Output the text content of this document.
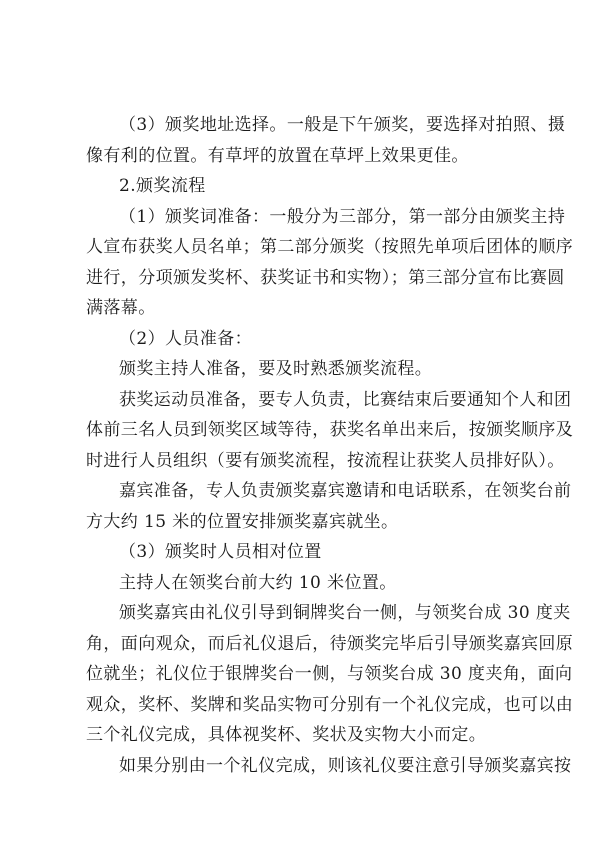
（3）颁奖地址选择。一般是下午颁奖，要选择对拍照、摄
像有利的位置。有草坪的放置在草坪上效果更佳。
2.颁奖流程
（1）颁奖词准备：一般分为三部分，第一部分由颁奖主持
人宣布获奖人员名单；第二部分颁奖（按照先单项后团体的顺序
进行，分项颁发奖杯、获奖证书和实物）；第三部分宣布比赛圆
满落幕。
（2）人员准备：
颁奖主持人准备，要及时熟悉颁奖流程。
获奖运动员准备，要专人负责，比赛结束后要通知个人和团
体前三名人员到领奖区域等待，获奖名单出来后，按颁奖顺序及
时进行人员组织（要有颁奖流程，按流程让获奖人员排好队）。
嘉宾准备，专人负责颁奖嘉宾邀请和电话联系，在领奖台前
方大约 15 米的位置安排颁奖嘉宾就坐。
（3）颁奖时人员相对位置
主持人在领奖台前大约 10 米位置。
颁奖嘉宾由礼仪引导到铜牌奖台一侧，与领奖台成 30 度夹
角，面向观众，而后礼仪退后，待颁奖完毕后引导颁奖嘉宾回原
位就坐；礼仪位于银牌奖台一侧，与领奖台成 30 度夹角，面向
观众，奖杯、奖牌和奖品实物可分别有一个礼仪完成，也可以由
三个礼仪完成，具体视奖杯、奖状及实物大小而定。
如果分别由一个礼仪完成，则该礼仪要注意引导颁奖嘉宾按
